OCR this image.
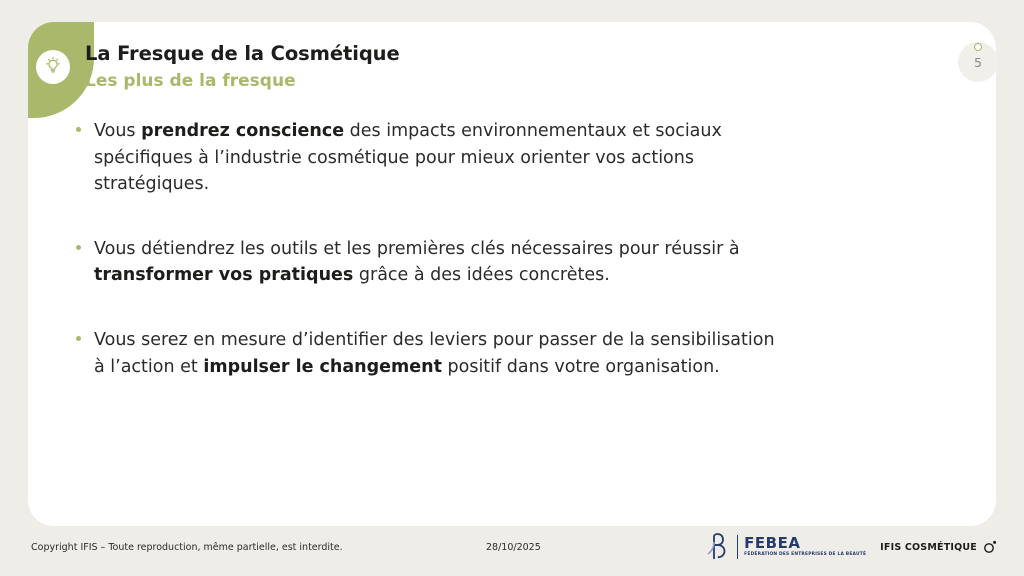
La Fresque de la Cosmétique
Les plus de la fresque
5
Vous prendrez conscience des impacts environnementaux et sociaux spécifiques à l’industrie cosmétique pour mieux orienter vos actions stratégiques.
Vous détiendrez les outils et les premières clés nécessaires pour réussir à transformer vos pratiques grâce à des idées concrètes.
Vous serez en mesure d’identifier des leviers pour passer de la sensibilisation à l’action et impulser le changement positif dans votre organisation.
Copyright IFIS – Toute reproduction, même partielle, est interdite.	28/10/2025	FEBEA
FÉDÉRATION DES ENTREPRISES DE LA BEAUTÉ
IFIS COSMÉTIQUE
